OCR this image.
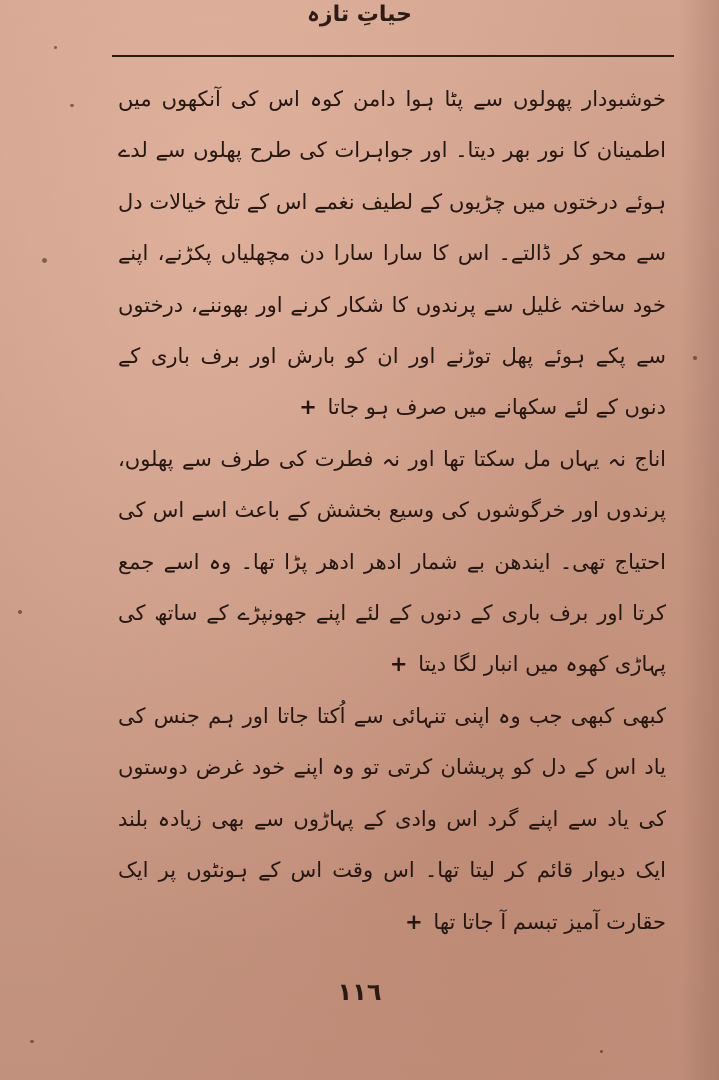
حیاتِ تازہ

خوشبودار پھولوں سے پٹا ہوا دامن کوہ اس کی آنکھوں میں اطمینان کا نور بھر دیتا۔ اور جواہرات کی طرح پھلوں سے لدے ہوئے درختوں میں چڑیوں کے لطیف نغمے اس کے تلخ خیالات دل سے محو کر ڈالتے۔ اس کا سارا سارا دن مچھلیاں پکڑنے، اپنے خود ساختہ غلیل سے پرندوں کا شکار کرنے اور بھوننے، درختوں سے پکے ہوئے پھل توڑنے اور ان کو بارش اور برف باری کے دنوں کے لئے سکھانے میں صرف ہو جاتا +

اناج نہ یہاں مل سکتا تھا اور نہ فطرت کی طرف سے پھلوں، پرندوں اور خرگوشوں کی وسیع بخشش کے باعث اسے اس کی احتیاج تھی۔ ایندھن بے شمار ادھر ادھر پڑا تھا۔ وہ اسے جمع کرتا اور برف باری کے دنوں کے لئے اپنے جھونپڑے کے ساتھ کی پہاڑی کھوہ میں انبار لگا دیتا +

کبھی کبھی جب وہ اپنی تنہائی سے اُکتا جاتا اور ہم جنس کی یاد اس کے دل کو پریشان کرتی تو وہ اپنے خود غرض دوستوں کی یاد سے اپنے گرد اس وادی کے پہاڑوں سے بھی زیادہ بلند ایک دیوار قائم کر لیتا تھا۔ اس وقت اس کے ہونٹوں پر ایک حقارت آمیز تبسم آ جاتا تھا +

١١٦
